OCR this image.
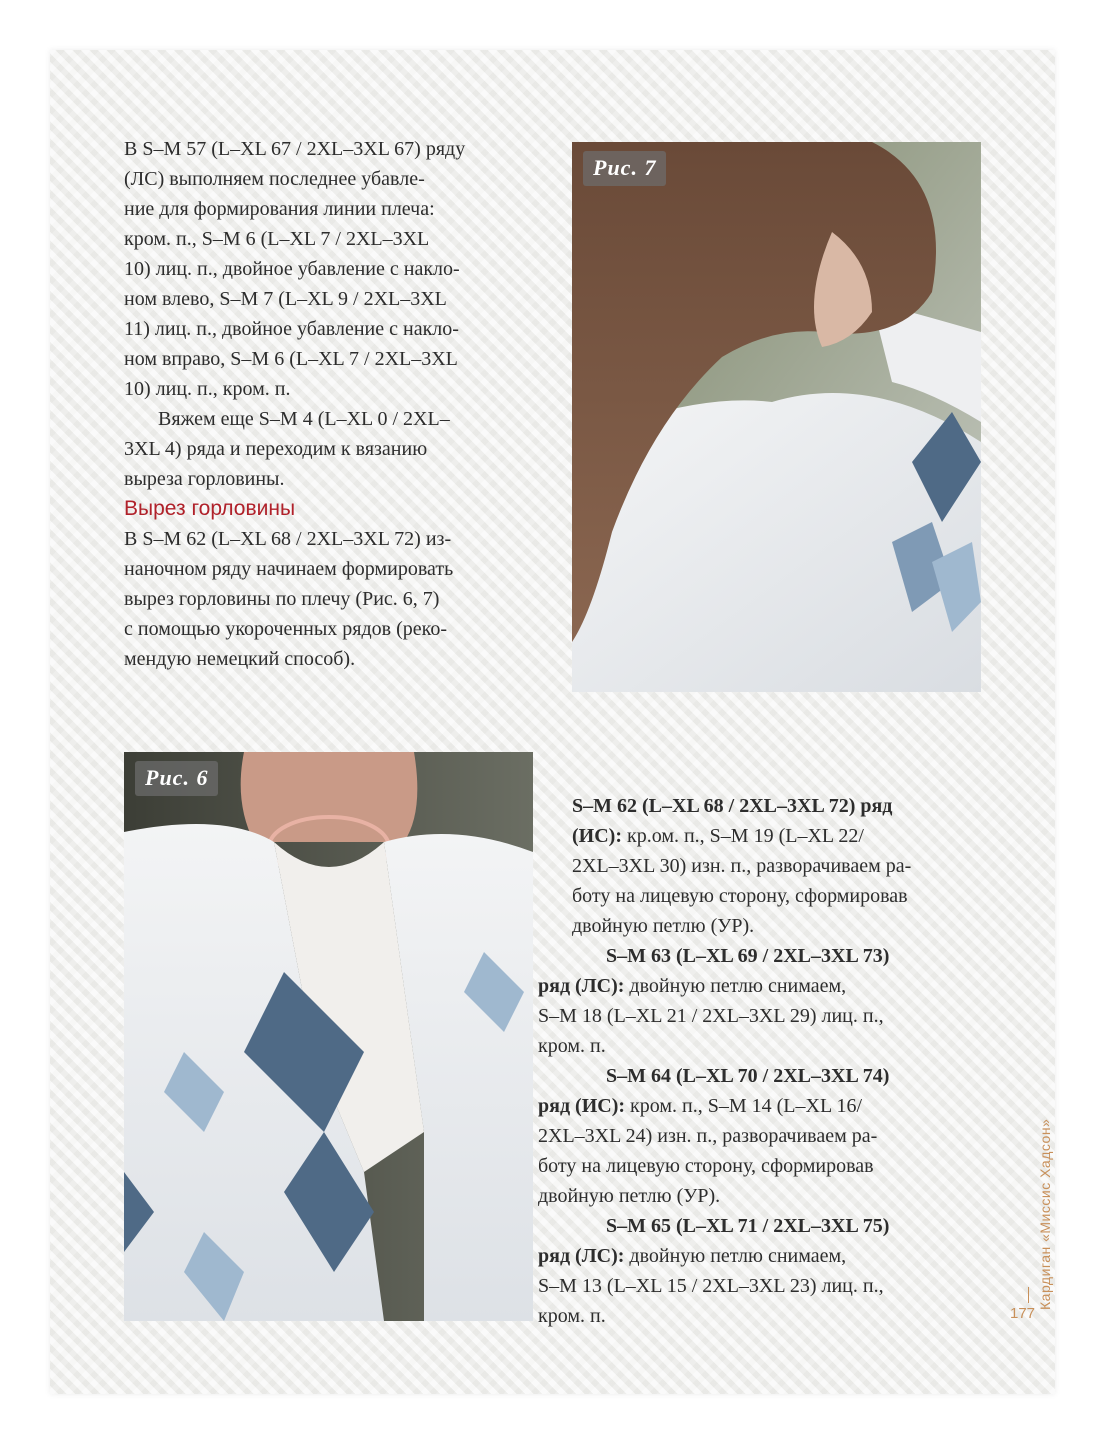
В S–M 57 (L–XL 67 / 2XL–3XL 67) ряду
(ЛС) выполняем последнее убавле-
ние для формирования линии плеча:
кром. п., S–M 6 (L–XL 7 / 2XL–3XL
10) лиц. п., двойное убавление с накло-
ном влево, S–M 7 (L–XL 9 / 2XL–3XL
11) лиц. п., двойное убавление с накло-
ном вправо, S–M 6 (L–XL 7 / 2XL–3XL
10) лиц. п., кром. п.

Вяжем еще S–M 4 (L–XL 0 / 2XL–
3XL 4) ряда и переходим к вязанию
выреза горловины.

Вырез горловины

В S–M 62 (L–XL 68 / 2XL–3XL 72) из-
наночном ряду начинаем формировать
вырез горловины по плечу (Рис. 6, 7)
с помощью укороченных рядов (реко-
мендую немецкий способ).

Рис. 7
Рис. 6

S–M 62 (L–XL 68 / 2XL–3XL 72) ряд
(ИС): кр.ом. п., S–M 19 (L–XL 22/
2XL–3XL 30) изн. п., разворачиваем ра-
боту на лицевую сторону, сформировав
двойную петлю (УР).

S–M 63 (L–XL 69 / 2XL–3XL 73)
ряд (ЛС): двойную петлю снимаем,
S–M 18 (L–XL 21 / 2XL–3XL 29) лиц. п.,
кром. п.

S–M 64 (L–XL 70 / 2XL–3XL 74)
ряд (ИС): кром. п., S–M 14 (L–XL 16/
2XL–3XL 24) изн. п., разворачиваем ра-
боту на лицевую сторону, сформировав
двойную петлю (УР).

S–M 65 (L–XL 71 / 2XL–3XL 75)
ряд (ЛС): двойную петлю снимаем,
S–M 13 (L–XL 15 / 2XL–3XL 23) лиц. п.,
кром. п.

Кардиган «Миссис Хадсон»
177
